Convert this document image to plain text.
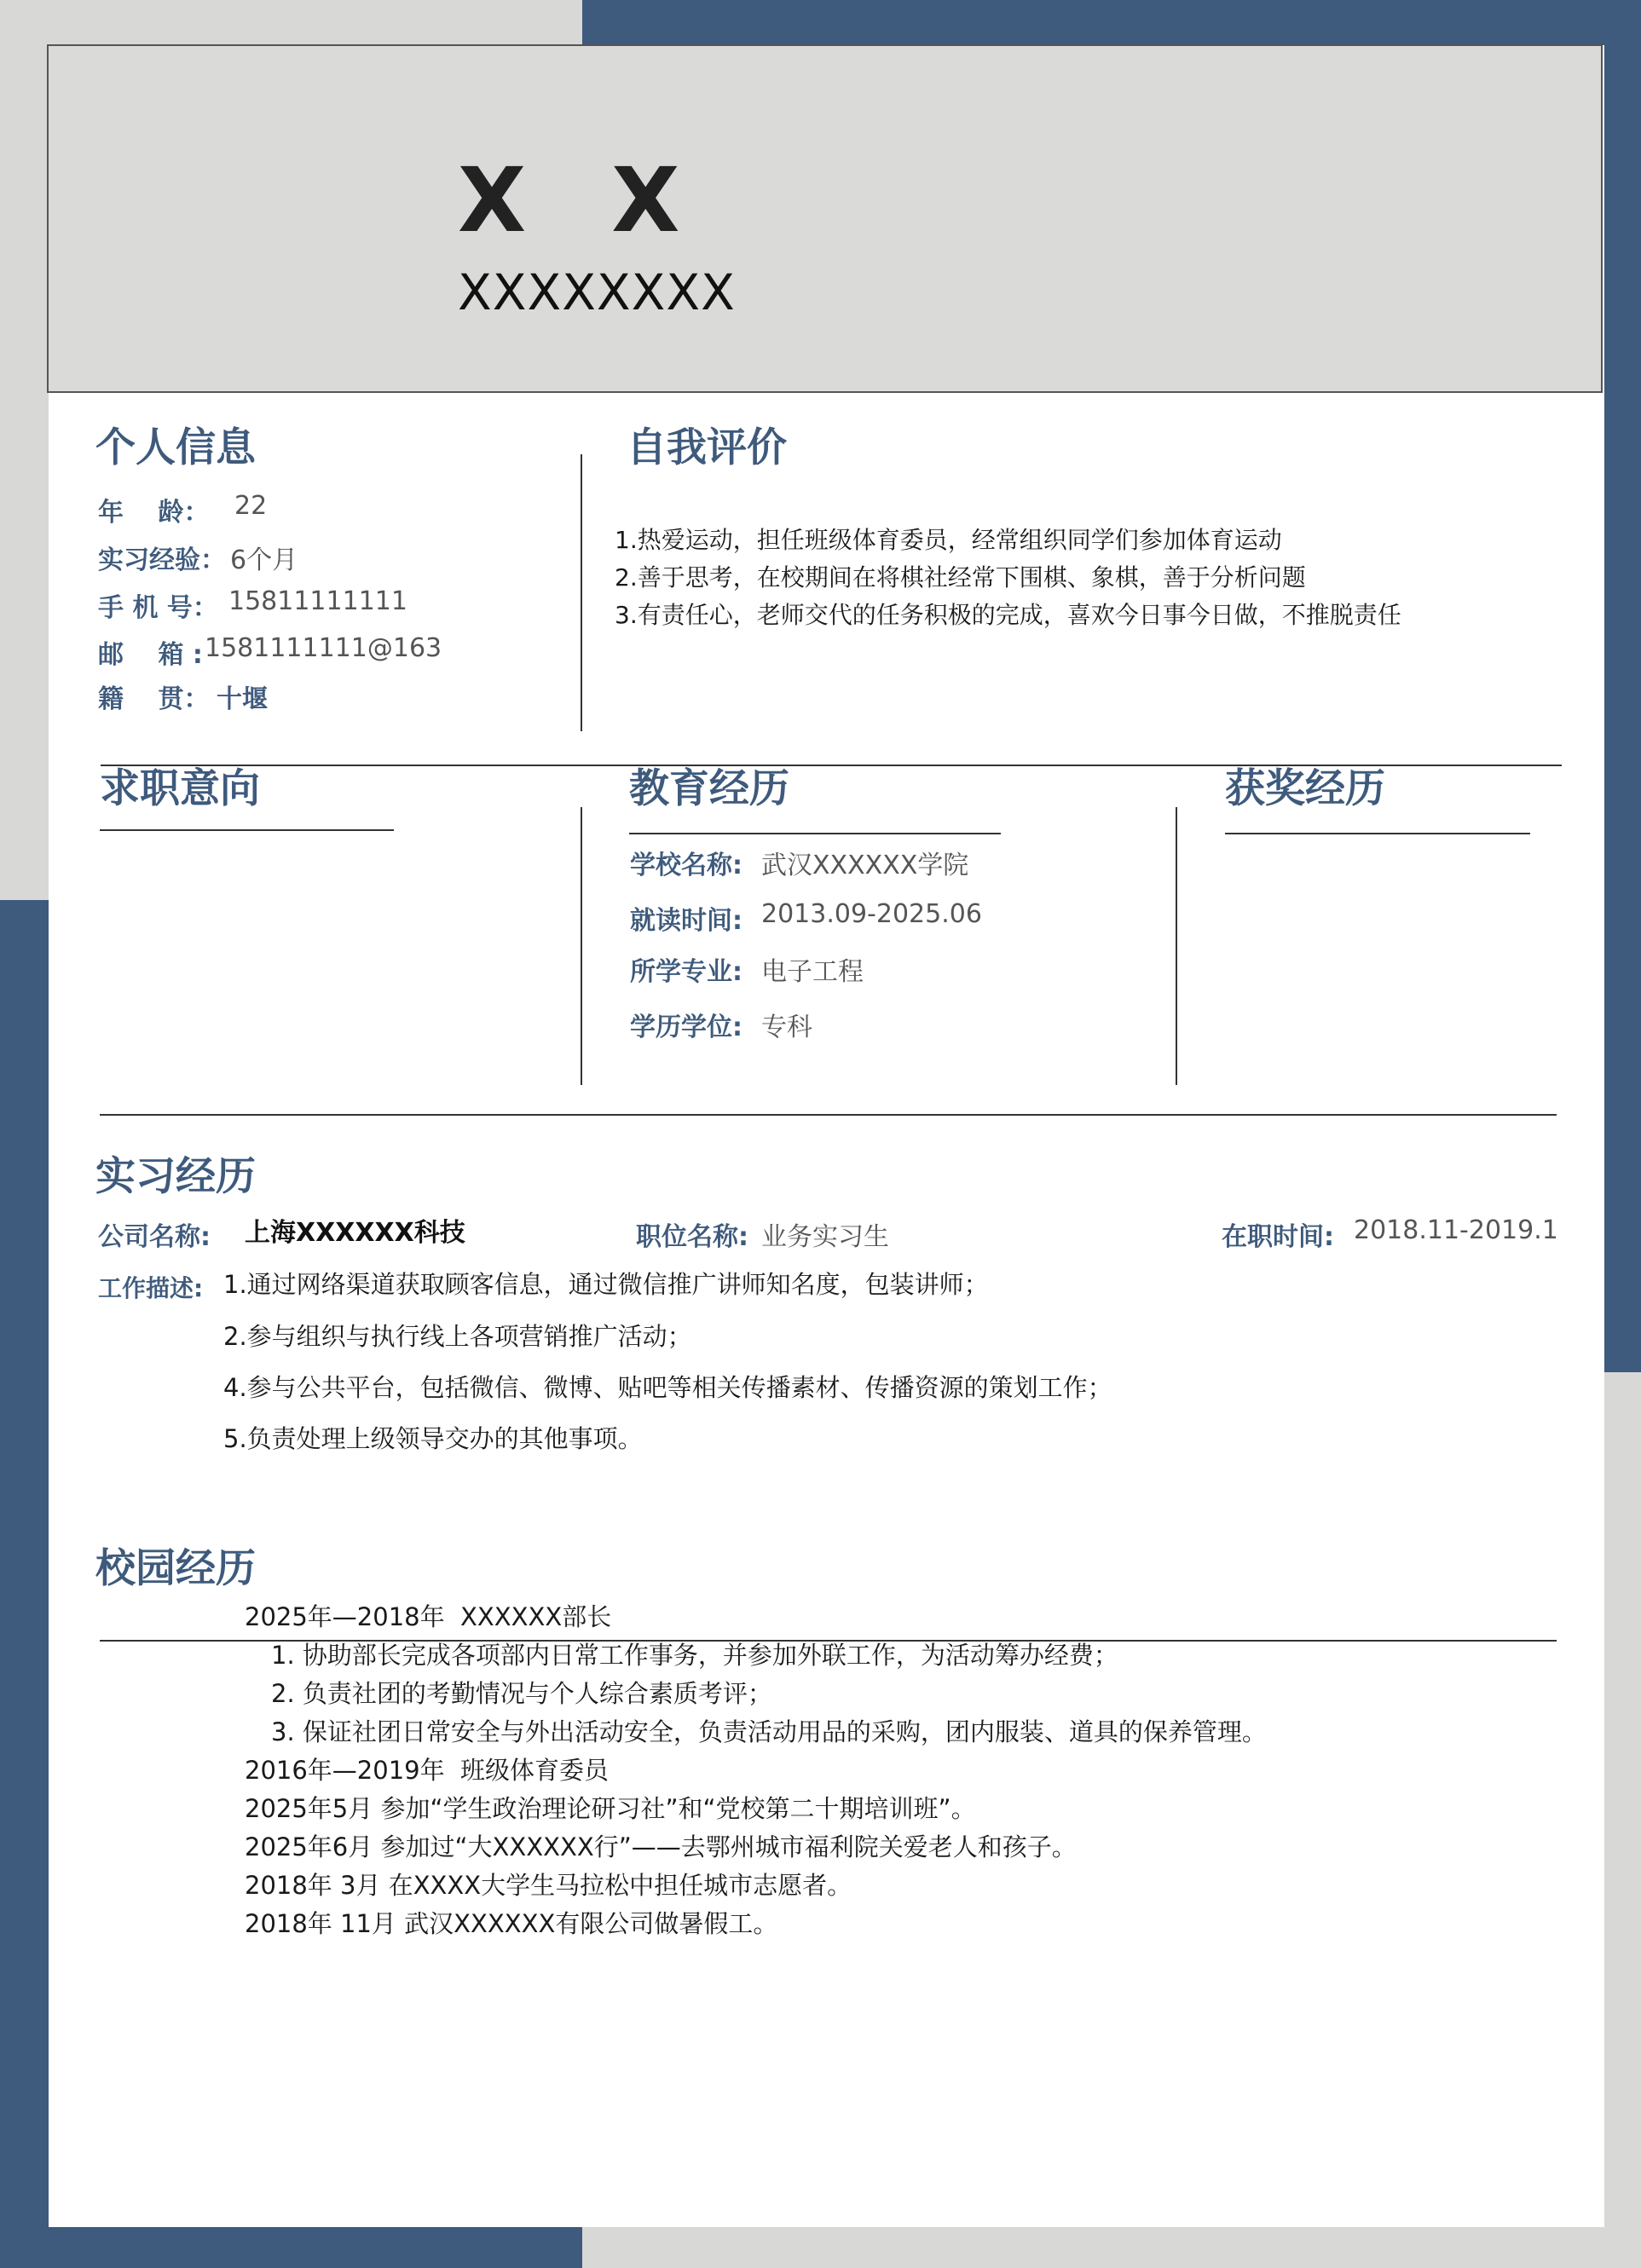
X X
XXXXXXXX
个人信息
年　 龄： 22
实习经验： 6个月
手 机 号： 15811111111
邮　 箱 : 1581111111@163
籍　 贯： 十堰
自我评价
1.热爱运动，担任班级体育委员，经常组织同学们参加体育运动
2.善于思考，在校期间在将棋社经常下围棋、象棋，善于分析问题
3.有责任心，老师交代的任务积极的完成，喜欢今日事今日做，不推脱责任
求职意向	教育经历
学校名称: 武汉XXXXXX学院
就读时间: 2013.09-2025.06
所学专业: 电子工程
学历学位: 专科
获奖经历
实习经历
公司名称: 上海XXXXXX科技	职位名称: 业务实习生	在职时间: 2018.11-2019.1
工作描述: 1.通过网络渠道获取顾客信息，通过微信推广讲师知名度，包装讲师；
2.参与组织与执行线上各项营销推广活动；
4.参与公共平台，包括微信、微博、贴吧等相关传播素材、传播资源的策划工作；
5.负责处理上级领导交办的其他事项。
校园经历
2025年—2018年  XXXXXX部长
1. 协助部长完成各项部内日常工作事务，并参加外联工作，为活动筹办经费；
2. 负责社团的考勤情况与个人综合素质考评；
3. 保证社团日常安全与外出活动安全，负责活动用品的采购，团内服装、道具的保养管理。
2016年—2019年  班级体育委员
2025年5月 参加“学生政治理论研习社”和“党校第二十期培训班”。
2025年6月 参加过“大XXXXXX行”——去鄂州城市福利院关爱老人和孩子。
2018年 3月 在XXXX大学生马拉松中担任城市志愿者。
2018年 11月 武汉XXXXXX有限公司做暑假工。
